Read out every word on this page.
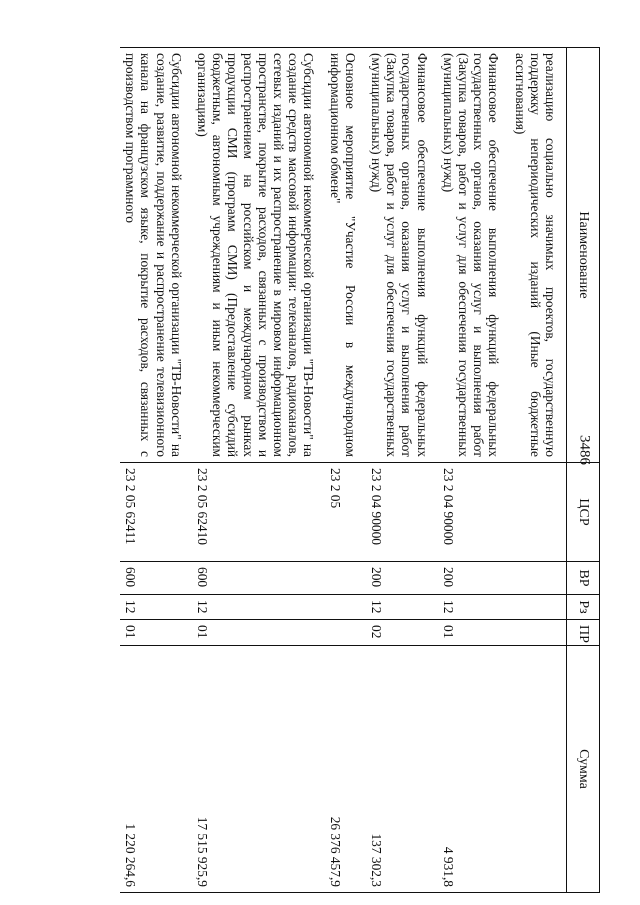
3486
Наименование	ЦСР	ВР	Рз	ПР	Сумма
реализацию социально значимых проектов, государственную поддержку непериодических изданий (Иные бюджетные ассигнования)					
Финансовое обеспечение выполнения функций федеральных государственных органов, оказания услуг и выполнения работ (Закупка товаров, работ и услуг для обеспечения государственных (муниципальных) нужд)	23 2 04 90000	200	12	01	4 931,8
Финансовое обеспечение выполнения функций федеральных государственных органов, оказания услуг и выполнения работ (Закупка товаров, работ и услуг для обеспечения государственных (муниципальных) нужд)	23 2 04 90000	200	12	02	137 302,3
Основное мероприятие "Участие России в международном информационном обмене"	23 2 05				26 376 457,9
Субсидии автономной некоммерческой организации "ТВ-Новости" на создание средств массовой информации: телеканалов, радиоканалов, сетевых изданий и их распространение в мировом информационном пространстве, покрытие расходов, связанных с производством и распространением на российском и международном рынках продукции СМИ (программ СМИ) (Предоставление субсидий бюджетным, автономным учреждениям и иным некоммерческим организациям)	23 2 05 62410	600	12	01	17 515 925,9
Субсидии автономной некоммерческой организации "ТВ-Новости" на создание, развитие, поддержание и распространение телевизионного канала на французском языке, покрытие расходов, связанных с производством программного	23 2 05 62411	600	12	01	1 220 264,6
